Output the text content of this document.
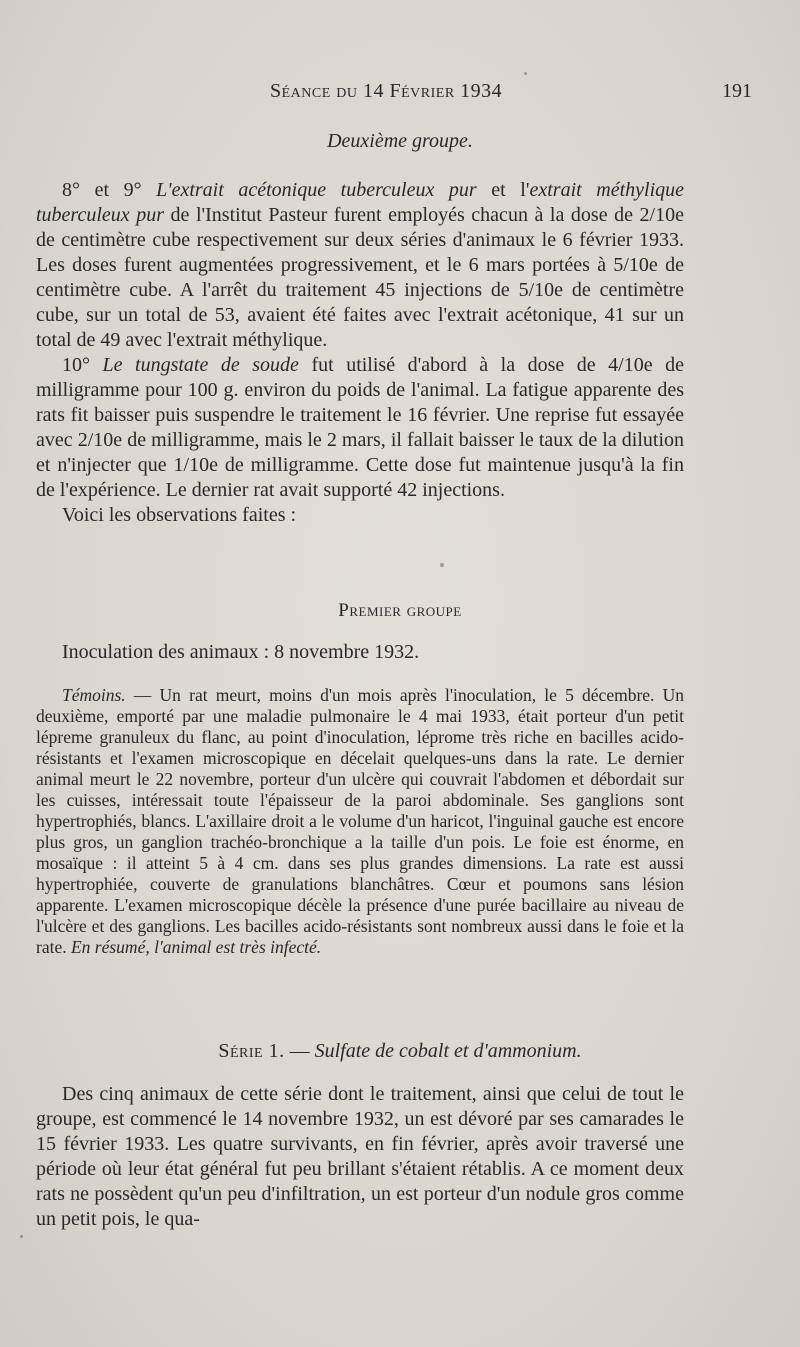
Séance du 14 Février 1934	191
Deuxième groupe.

8° et 9° L'extrait acétonique tuberculeux pur et l'extrait méthylique tuberculeux pur de l'Institut Pasteur furent employés chacun à la dose de 2/10e de centimètre cube respectivement sur deux séries d'animaux le 6 février 1933. Les doses furent augmentées progressivement, et le 6 mars portées à 5/10e de centimètre cube. A l'arrêt du traitement 45 injections de 5/10e de centimètre cube, sur un total de 53, avaient été faites avec l'extrait acétonique, 41 sur un total de 49 avec l'extrait méthylique.

10° Le tungstate de soude fut utilisé d'abord à la dose de 4/10e de milligramme pour 100 g. environ du poids de l'animal. La fatigue apparente des rats fit baisser puis suspendre le traitement le 16 février. Une reprise fut essayée avec 2/10e de milligramme, mais le 2 mars, il fallait baisser le taux de la dilution et n'injecter que 1/10e de milligramme. Cette dose fut maintenue jusqu'à la fin de l'expérience. Le dernier rat avait supporté 42 injections.

Voici les observations faites :

Premier groupe
Inoculation des animaux : 8 novembre 1932.

Témoins. — Un rat meurt, moins d'un mois après l'inoculation, le 5 décembre. Un deuxième, emporté par une maladie pulmonaire le 4 mai 1933, était porteur d'un petit lépreme granuleux du flanc, au point d'inoculation, léprome très riche en bacilles acido-résistants et l'examen microscopique en décelait quelques-uns dans la rate. Le dernier animal meurt le 22 novembre, porteur d'un ulcère qui couvrait l'abdomen et débordait sur les cuisses, intéressait toute l'épaisseur de la paroi abdominale. Ses ganglions sont hypertrophiés, blancs. L'axillaire droit a le volume d'un haricot, l'inguinal gauche est encore plus gros, un ganglion trachéo-bronchique a la taille d'un pois. Le foie est énorme, en mosaïque : il atteint 5 à 4 cm. dans ses plus grandes dimensions. La rate est aussi hypertrophiée, couverte de granulations blanchâtres. Cœur et poumons sans lésion apparente. L'examen microscopique décèle la présence d'une purée bacillaire au niveau de l'ulcère et des ganglions. Les bacilles acido-résistants sont nombreux aussi dans le foie et la rate. En résumé, l'animal est très infecté.

Série 1. — Sulfate de cobalt et d'ammonium.

Des cinq animaux de cette série dont le traitement, ainsi que celui de tout le groupe, est commencé le 14 novembre 1932, un est dévoré par ses camarades le 15 février 1933. Les quatre survivants, en fin février, après avoir traversé une période où leur état général fut peu brillant s'étaient rétablis. A ce moment deux rats ne possèdent qu'un peu d'infiltration, un est porteur d'un nodule gros comme un petit pois, le qua-
